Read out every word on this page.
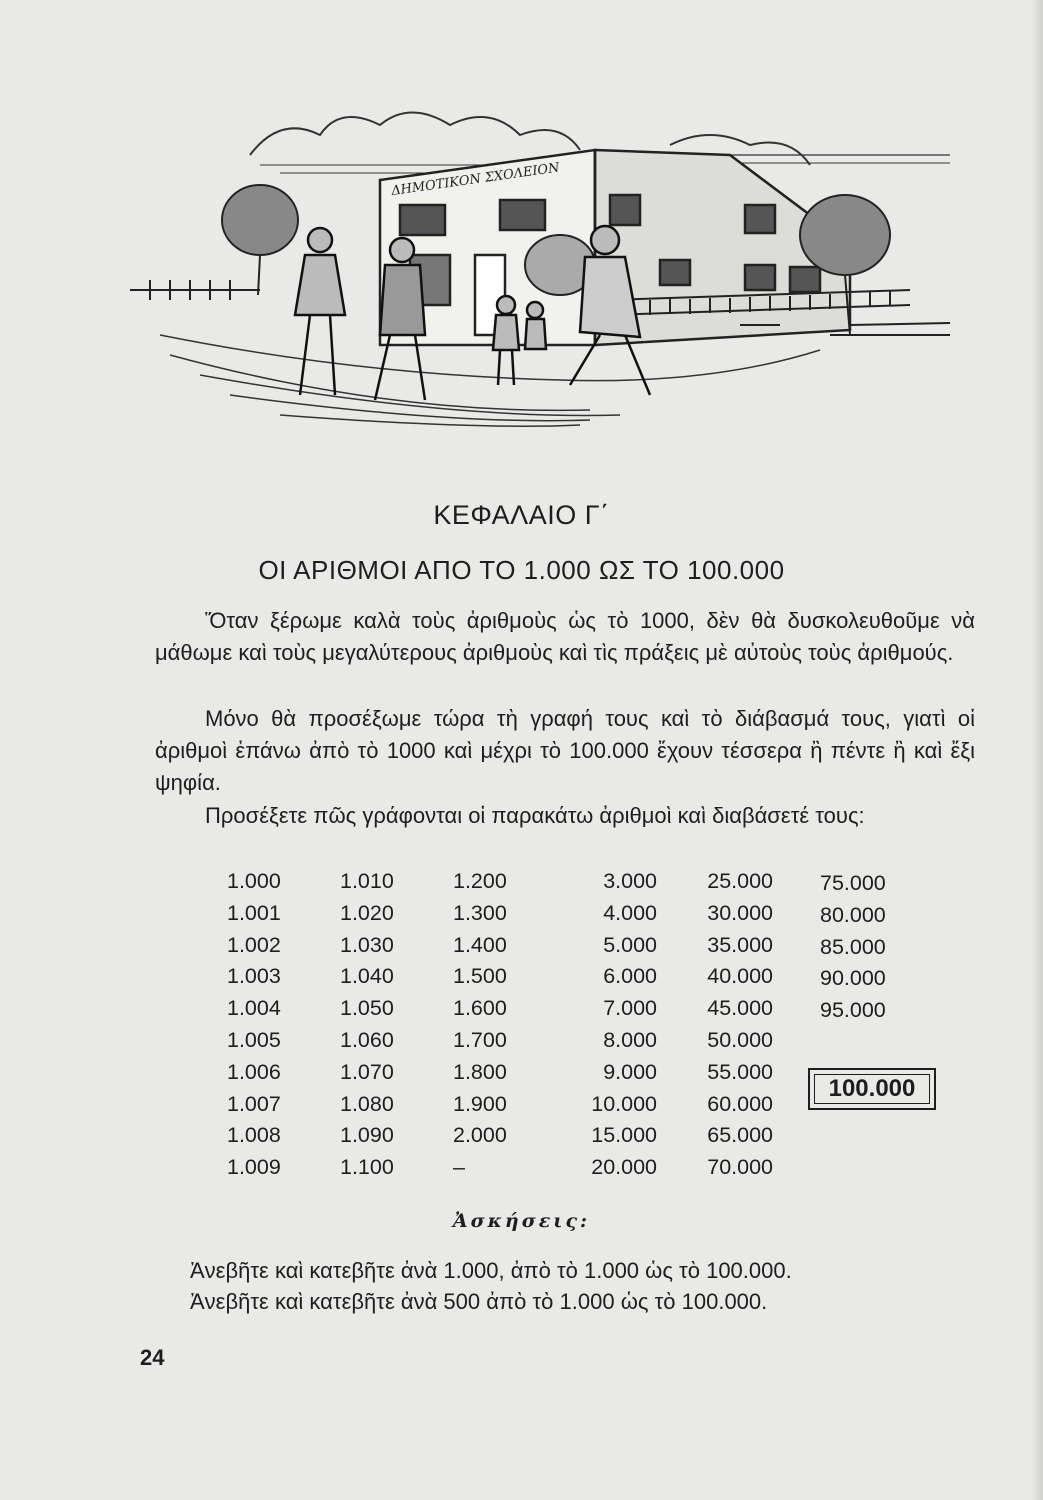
ΔΗΜΟΤΙΚΟΝ ΣΧΟΛΕΙΟΝ
ΚΕΦΑΛΑΙΟ Γ΄
ΟΙ ΑΡΙΘΜΟΙ ΑΠΟ ΤΟ 1.000 ΩΣ ΤΟ 100.000
Ὅταν ξέρωμε καλὰ τοὺς ἀριθμοὺς ὡς τὸ 1000, δὲν θὰ δυσκολευθοῦμε νὰ μάθωμε καὶ τοὺς μεγαλύτερους ἀριθμοὺς καὶ τὶς πράξεις μὲ αὐτοὺς τοὺς ἀριθμούς.
Μόνο θὰ προσέξωμε τώρα τὴ γραφή τους καὶ τὸ διάβασμά τους, γιατὶ οἱ ἀριθμοὶ ἐπάνω ἀπὸ τὸ 1000 καὶ μέχρι τὸ 100.000 ἔχουν τέσσερα ἢ πέντε ἢ καὶ ἔξι ψηφία.
Προσέξετε πῶς γράφονται οἱ παρακάτω ἀριθμοὶ καὶ διαβάσετέ τους:
1.000
1.001
1.002
1.003
1.004
1.005
1.006
1.007
1.008
1.009
1.010
1.020
1.030
1.040
1.050
1.060
1.070
1.080
1.090
1.100
1.200
1.300
1.400
1.500
1.600
1.700
1.800
1.900
2.000
–
3.000
4.000
5.000
6.000
7.000
8.000
9.000
10.000
15.000
20.000
25.000
30.000
35.000
40.000
45.000
50.000
55.000
60.000
65.000
70.000
75.000
80.000
85.000
90.000
95.000
100.000
Ἀσκήσεις:
Ἀνεβῆτε καὶ κατεβῆτε ἀνὰ 1.000, ἀπὸ τὸ 1.000 ὡς τὸ 100.000.
Ἀνεβῆτε καὶ κατεβῆτε ἀνὰ 500 ἀπὸ τὸ 1.000 ὡς τὸ 100.000.
24
